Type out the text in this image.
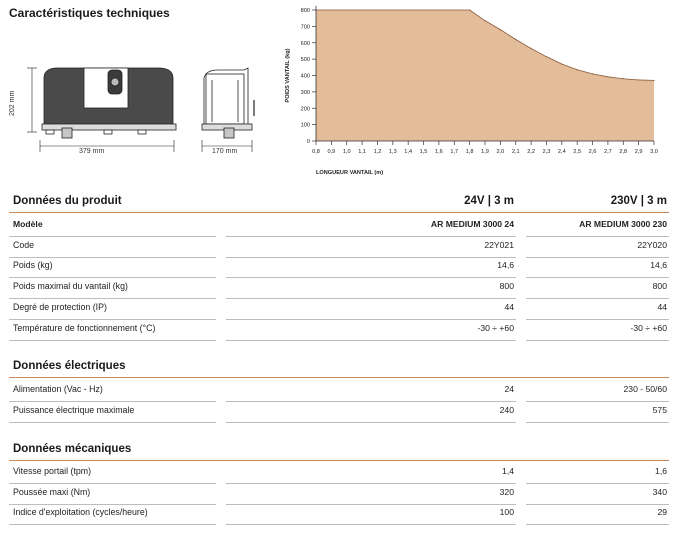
Caractéristiques techniques
379 mm
202 mm
170 mm
0
100
200
300
400
500
600
700
800
0,8 0,9 1,0 1,1 1,2 1,3 1,4 1,5 1,6 1,7 1,8 1,9 2,0 2,1 2,2 2,3 2,4 2,5 2,6 2,7 2,8 2,9 3,0
LONGUEUR VANTAIL (m)
POIDS VANTAIL (kg)
Données du produit	24V | 3 m	230V | 3 m
Modèle	AR MEDIUM 3000 24	AR MEDIUM 3000 230
Code	22Y021	22Y020
Poids (kg)	14,6	14,6
Poids maximal du vantail (kg)	800	800
Degré de protection (IP)	44	44
Température de fonctionnement (°C)	-30 ÷ +60	-30 ÷ +60
Données électriques
Alimentation (Vac - Hz)	24	230 - 50/60
Puissance électrique maximale	240	575
Données mécaniques
Vitesse portail (tpm)	1,4	1,6
Poussée maxi (Nm)	320	340
Indice d'exploitation (cycles/heure)	100	29
